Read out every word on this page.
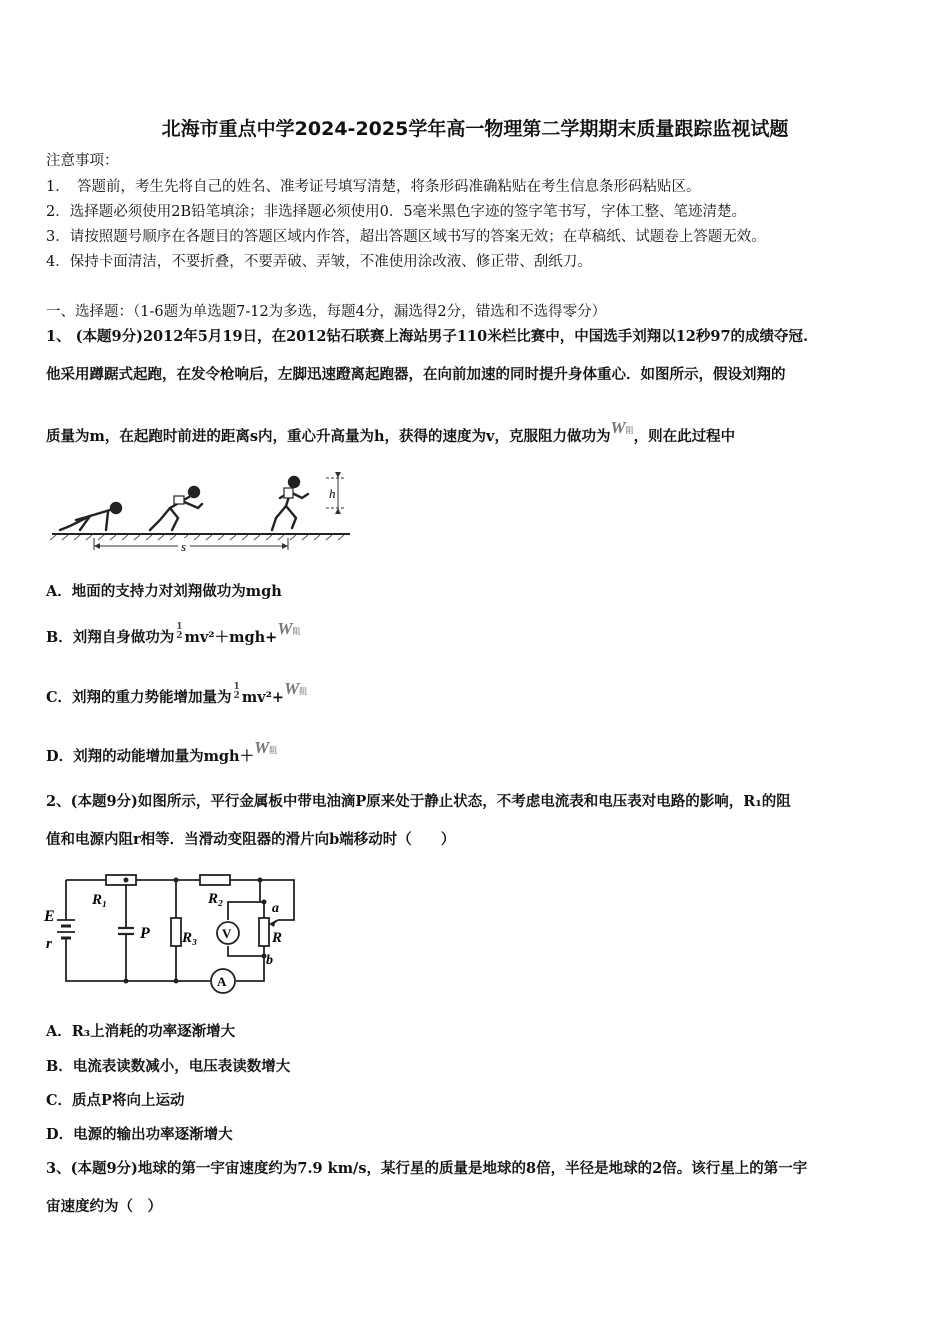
北海市重点中学2024-2025学年高一物理第二学期期末质量跟踪监视试题
注意事项：
1．　答题前，考生先将自己的姓名、准考证号填写清楚，将条形码准确粘贴在考生信息条形码粘贴区。
2．选择题必须使用2B铅笔填涂；非选择题必须使用0．5毫米黑色字迹的签字笔书写，字体工整、笔迹清楚。
3．请按照题号顺序在各题目的答题区域内作答，超出答题区域书写的答案无效；在草稿纸、试题卷上答题无效。
4．保持卡面清洁，不要折叠，不要弄破、弄皱，不准使用涂改液、修正带、刮纸刀。
一、选择题：（1-6题为单选题7-12为多选，每题4分，漏选得2分，错选和不选得零分）
1、 (本题9分)2012年5月19日，在2012钻石联赛上海站男子110米栏比赛中，中国选手刘翔以12秒97的成绩夺冠.
他采用蹲踞式起跑，在发令枪响后，左脚迅速蹬离起跑器，在向前加速的同时提升身体重心．如图所示，假设刘翔的
质量为m，在起跑时前进的距离s内，重心升高量为h，获得的速度为v，克服阻力做功为W阻，则在此过程中
h
s
A．地面的支持力对刘翔做功为mgh
B．刘翔自身做功为
1
2 mv²＋mgh+W阻
C．刘翔的重力势能增加量为
1
2 mv²+W阻
D．刘翔的动能增加量为mgh＋W阻
2、(本题9分)如图所示，平行金属板中带电油滴P原来处于静止状态，不考虑电流表和电压表对电路的影响，R₁的阻
值和电源内阻r相等．当滑动变阻器的滑片向b端移动时（　　）
V
A
E
r
R₁	R₂
R₃	R
P
a
b
A．R₃上消耗的功率逐渐增大
B．电流表读数减小，电压表读数增大
C．质点P将向上运动
D．电源的输出功率逐渐增大
3、(本题9分)地球的第一宇宙速度约为7.9 km/s，某行星的质量是地球的8倍，半径是地球的2倍。该行星上的第一宇
宙速度约为（　）
